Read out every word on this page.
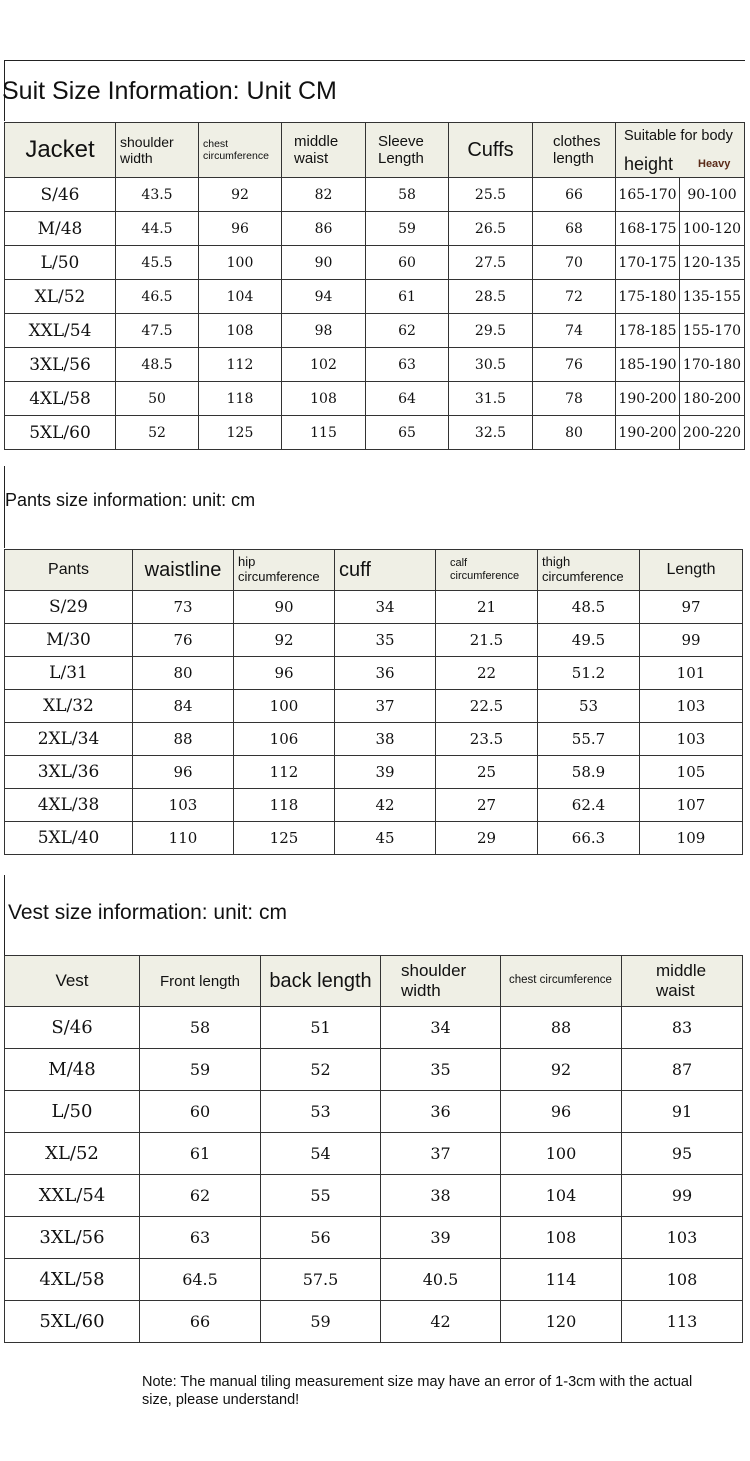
Suit Size Information: Unit CM
Jacket	shoulder width	chest circumference	middle waist	Sleeve Length	Cuffs	clothes length	Suitable for body
height Heavy	

S/46	43.5	92	82	58	25.5	66	165-170	90-100
M/48	44.5	96	86	59	26.5	68	168-175	100-120
L/50	45.5	100	90	60	27.5	70	170-175	120-135
XL/52	46.5	104	94	61	28.5	72	175-180	135-155
XXL/54	47.5	108	98	62	29.5	74	178-185	155-170
3XL/56	48.5	112	102	63	30.5	76	185-190	170-180
4XL/58	50	118	108	64	31.5	78	190-200	180-200
5XL/60	52	125	115	65	32.5	80	190-200	200-220
Pants size information: unit: cm
Pants	waistline	hip circumference	cuff	calf circumference	thigh circumference	Length
S/29	73	90	34	21	48.5	97
M/30	76	92	35	21.5	49.5	99
L/31	80	96	36	22	51.2	101
XL/32	84	100	37	22.5	53	103
2XL/34	88	106	38	23.5	55.7	103
3XL/36	96	112	39	25	58.9	105
4XL/38	103	118	42	27	62.4	107
5XL/40	110	125	45	29	66.3	109
Vest size information: unit: cm
Vest	Front length	back length	shoulder width	chest circumference	middle waist

S/46	58	51	34	88	83
M/48	59	52	35	92	87
L/50	60	53	36	96	91
XL/52	61	54	37	100	95
XXL/54	62	55	38	104	99
3XL/56	63	56	39	108	103
4XL/58	64.5	57.5	40.5	114	108
5XL/60	66	59	42	120	113
Note: The manual tiling measurement size may have an error of 1-3cm with the actual size, please understand!
